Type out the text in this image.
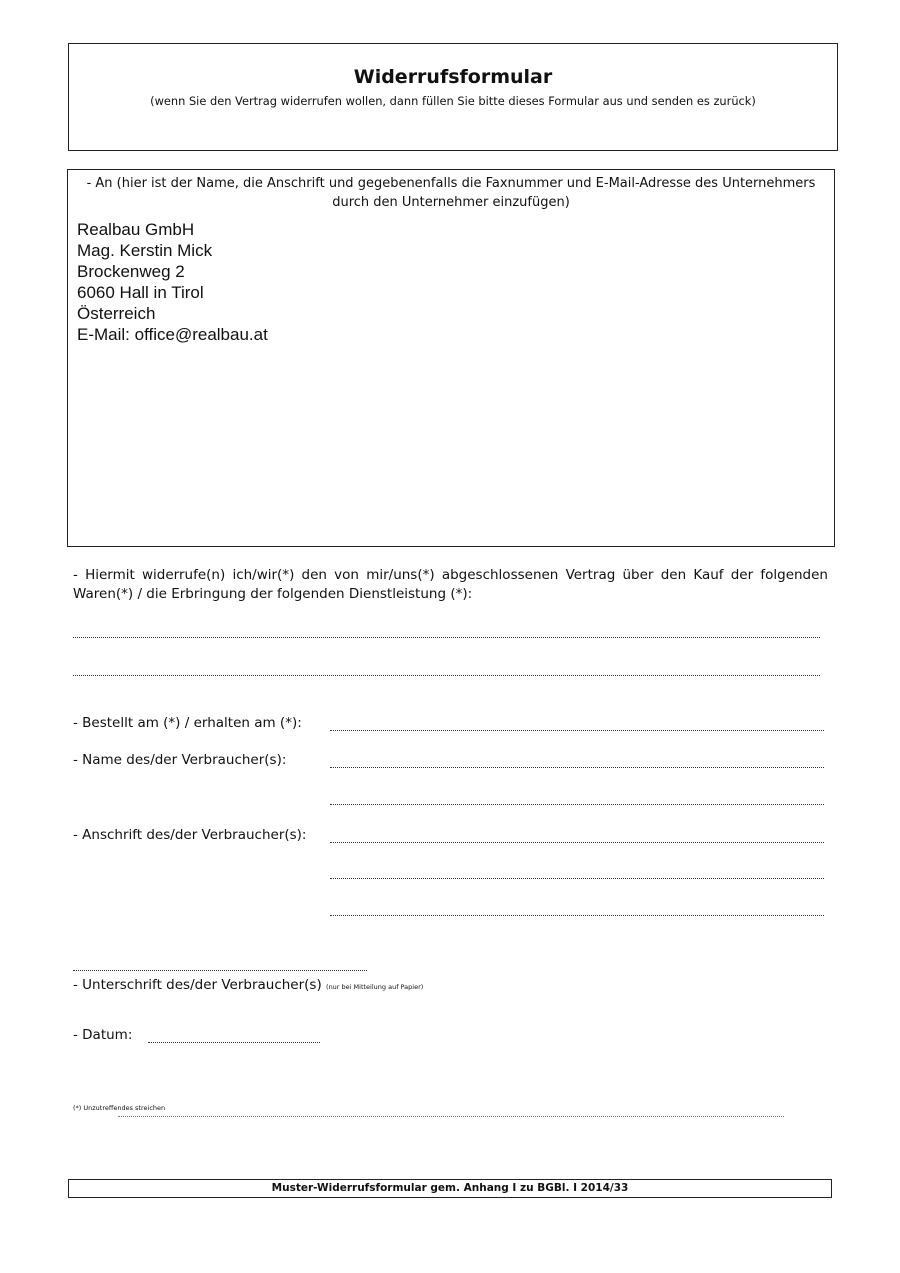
Widerrufsformular
(wenn Sie den Vertrag widerrufen wollen, dann füllen Sie bitte dieses Formular aus und senden es zurück)
- An (hier ist der Name, die Anschrift und gegebenenfalls die Faxnummer und E-Mail-Adresse des Unternehmers durch den Unternehmer einzufügen)
Realbau GmbH
Mag. Kerstin Mick
Brockenweg 2
6060 Hall in Tirol
Österreich
E-Mail: office@realbau.at
- Hiermit widerrufe(n) ich/wir(*) den von mir/uns(*) abgeschlossenen Vertrag über den Kauf der folgenden Waren(*) / die Erbringung der folgenden Dienstleistung (*):
- Bestellt am (*) / erhalten am (*):
- Name des/der Verbraucher(s):
- Anschrift des/der Verbraucher(s):
- Unterschrift des/der Verbraucher(s) (nur bei Mitteilung auf Papier)
- Datum:
(*) Unzutreffendes streichen
Muster-Widerrufsformular gem. Anhang I zu BGBl. I 2014/33
